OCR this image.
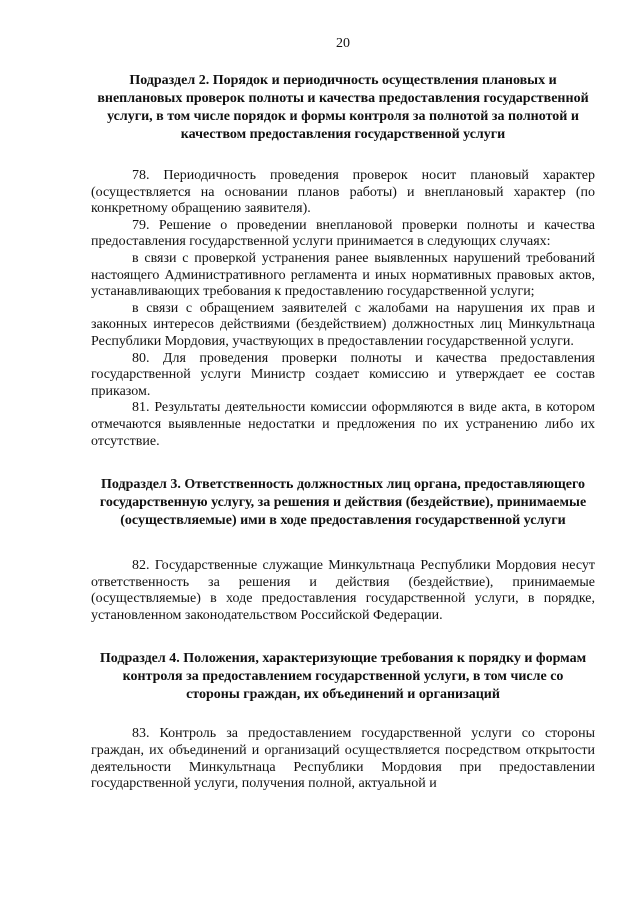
20
Подраздел 2. Порядок и периодичность осуществления плановых и внеплановых проверок полноты и качества предоставления государственной услуги, в том числе порядок и формы контроля за полнотой за полнотой и качеством предоставления государственной услуги

78. Периодичность проведения проверок носит плановый характер (осуществляется на основании планов работы) и внеплановый характер (по конкретному обращению заявителя).

79. Решение о проведении внеплановой проверки полноты и качества предоставления государственной услуги принимается в следующих случаях:

в связи с проверкой устранения ранее выявленных нарушений требований настоящего Административного регламента и иных нормативных правовых актов, устанавливающих требования к предоставлению государственной услуги;

в связи с обращением заявителей с жалобами на нарушения их прав и законных интересов действиями (бездействием) должностных лиц Минкультнаца Республики Мордовия, участвующих в предоставлении государственной услуги.

80. Для проведения проверки полноты и качества предоставления государственной услуги Министр создает комиссию и утверждает ее состав приказом.

81. Результаты деятельности комиссии оформляются в виде акта, в котором отмечаются выявленные недостатки и предложения по их устранению либо их отсутствие.

Подраздел 3. Ответственность должностных лиц органа, предоставляющего государственную услугу, за решения и действия (бездействие), принимаемые (осуществляемые) ими в ходе предоставления государственной услуги

82. Государственные служащие Минкультнаца Республики Мордовия несут ответственность за решения и действия (бездействие), принимаемые (осуществляемые) в ходе предоставления государственной услуги, в порядке, установленном законодательством Российской Федерации.

Подраздел 4. Положения, характеризующие требования к порядку и формам контроля за предоставлением государственной услуги, в том числе со стороны граждан, их объединений и организаций

83. Контроль за предоставлением государственной услуги со стороны граждан, их объединений и организаций осуществляется посредством открытости деятельности Минкультнаца Республики Мордовия при предоставлении государственной услуги, получения полной, актуальной и
